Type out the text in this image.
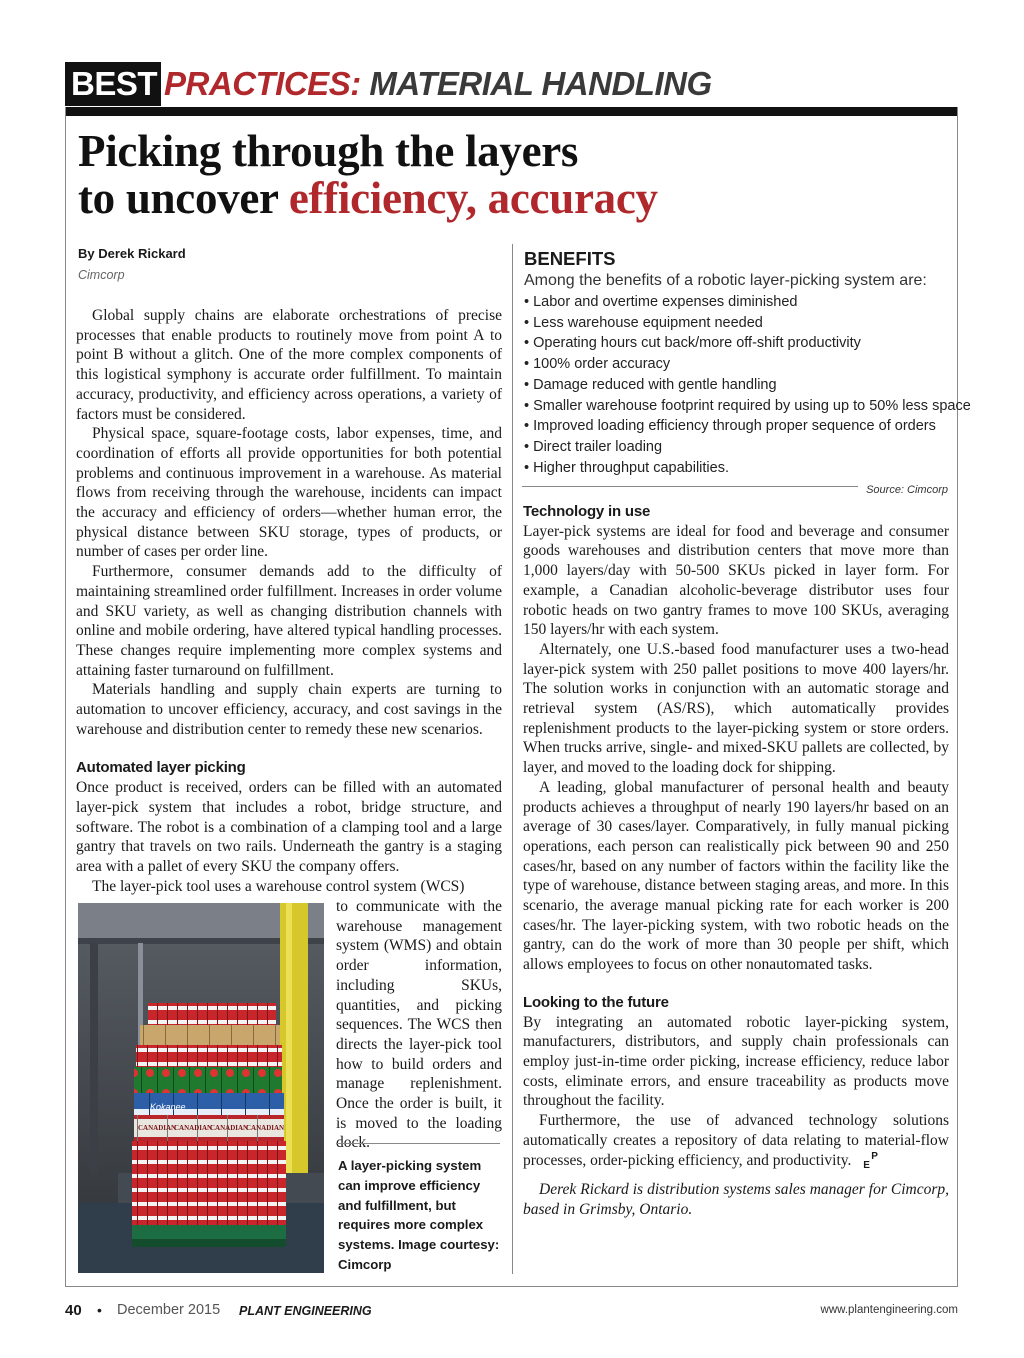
BEST PRACTICES: MATERIAL HANDLING
Picking through the layers
to uncover efficiency, accuracy
By Derek Rickard
Cimcorp

Global supply chains are elaborate orchestrations of precise processes that enable products to routinely move from point A to point B without a glitch. One of the more complex components of this logistical symphony is accurate order fulfillment. To maintain accuracy, productivity, and efficiency across operations, a variety of factors must be considered.

Physical space, square-footage costs, labor expenses, time, and coordination of efforts all provide opportunities for both potential problems and continuous improvement in a warehouse. As material flows from receiving through the warehouse, incidents can impact the accuracy and efficiency of orders—whether human error, the physical distance between SKU storage, types of products, or number of cases per order line.

Furthermore, consumer demands add to the difficulty of maintaining streamlined order fulfillment. Increases in order volume and SKU variety, as well as changing distribution channels with online and mobile ordering, have altered typical handling processes. These changes require implementing more complex systems and attaining faster turnaround on fulfillment.

Materials handling and supply chain experts are turning to automation to uncover efficiency, accuracy, and cost savings in the warehouse and distribution center to remedy these new scenarios.

Automated layer picking

Once product is received, orders can be filled with an automated layer-pick system that includes a robot, bridge structure, and software. The robot is a combination of a clamping tool and a large gantry that travels on two rails. Underneath the gantry is a staging area with a pallet of every SKU the company offers.

The layer-pick tool uses a warehouse control system (WCS)

Kokanee
CANADIAN
CANADIAN
CANADIAN
CANADIAN
to communicate with the warehouse management system (WMS) and obtain order information, including SKUs, quantities, and picking sequences. The WCS then directs the layer-pick tool how to build orders and manage replenishment. Once the order is built, it is moved to the loading dock.
A layer-picking system can improve efficiency and fulfillment, but requires more complex systems. Image courtesy: Cimcorp
BENEFITS
Among the benefits of a robotic layer-picking system are:
• Labor and overtime expenses diminished
• Less warehouse equipment needed
• Operating hours cut back/more off-shift productivity
• 100% order accuracy
• Damage reduced with gentle handling
• Smaller warehouse footprint required by using up to 50% less space
• Improved loading efficiency through proper sequence of orders
• Direct trailer loading
• Higher throughput capabilities.
Source: Cimcorp
Technology in use

Layer-pick systems are ideal for food and beverage and consumer goods warehouses and distribution centers that move more than 1,000 layers/day with 50-500 SKUs picked in layer form. For example, a Canadian alcoholic-beverage distributor uses four robotic heads on two gantry frames to move 100 SKUs, averaging 150 layers/hr with each system.

Alternately, one U.S.-based food manufacturer uses a two-head layer-pick system with 250 pallet positions to move 400 layers/hr. The solution works in conjunction with an automatic storage and retrieval system (AS/RS), which automatically provides replenishment products to the layer-picking system or store orders. When trucks arrive, single- and mixed-SKU pallets are collected, by layer, and moved to the loading dock for shipping.

A leading, global manufacturer of personal health and beauty products achieves a throughput of nearly 190 layers/hr based on an average of 30 cases/layer. Comparatively, in fully manual picking operations, each person can realistically pick between 90 and 250 cases/hr, based on any number of factors within the facility like the type of warehouse, distance between staging areas, and more. In this scenario, the average manual picking rate for each worker is 200 cases/hr. The layer-picking system, with two robotic heads on the gantry, can do the work of more than 30 people per shift, which allows employees to focus on other nonautomated tasks.

Looking to the future

By integrating an automated robotic layer-picking system, manufacturers, distributors, and supply chain professionals can employ just-in-time order picking, increase efficiency, reduce labor costs, eliminate errors, and ensure traceability as products move throughout the facility.

Furthermore, the use of advanced technology solutions automatically creates a repository of data relating to material-flow processes, order-picking efficiency, and productivity. P
E

Derek Rickard is distribution systems sales manager for Cimcorp, based in Grimsby, Ontario.

40 • December 2015 PLANT ENGINEERING	www.plantengineering.com
